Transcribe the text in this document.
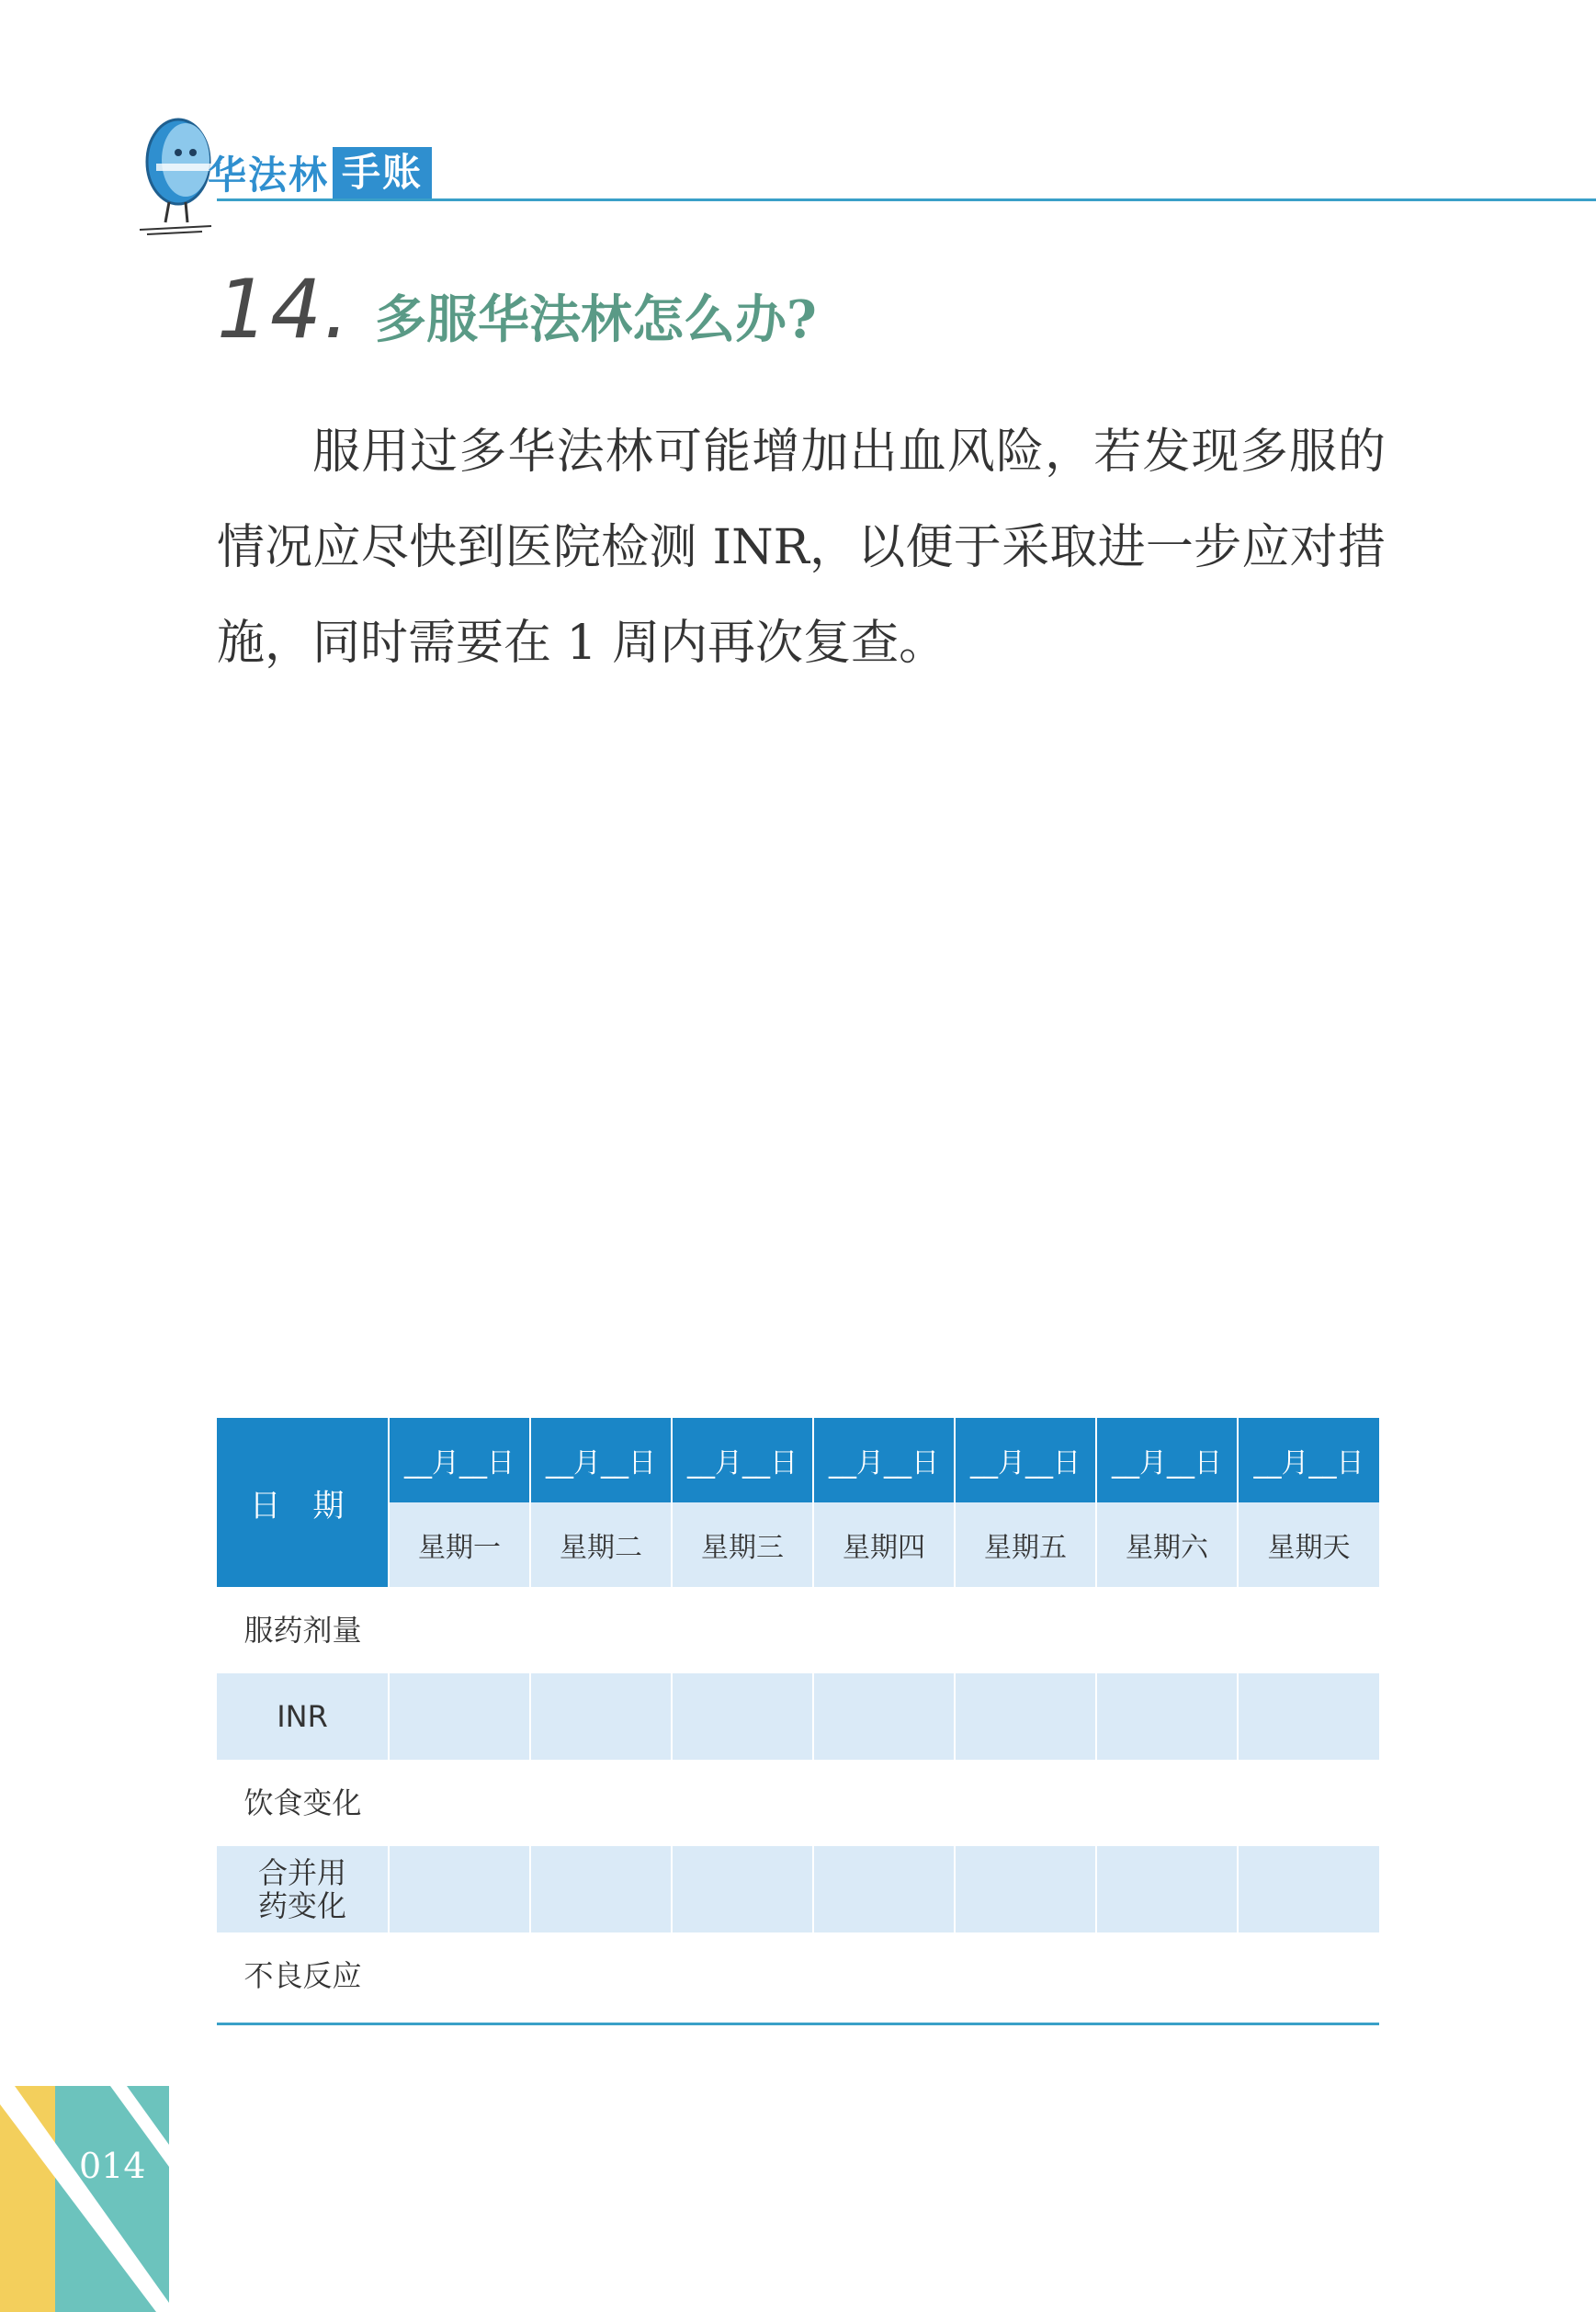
华法林 手账
14. 多服华法林怎么办?

服用过多华法林可能增加出血风险，若发现多服的情况应尽快到医院检测 INR，以便于采取进一步应对措施，同时需要在 1 周内再次复查。

日 期	__月__日	__月__日	__月__日	__月__日	__月__日	__月__日	__月__日
	星期一	星期二	星期三	星期四	星期五	星期六	星期天
服药剂量							
INR							
饮食变化							
合并用药变化							
不良反应							
014
